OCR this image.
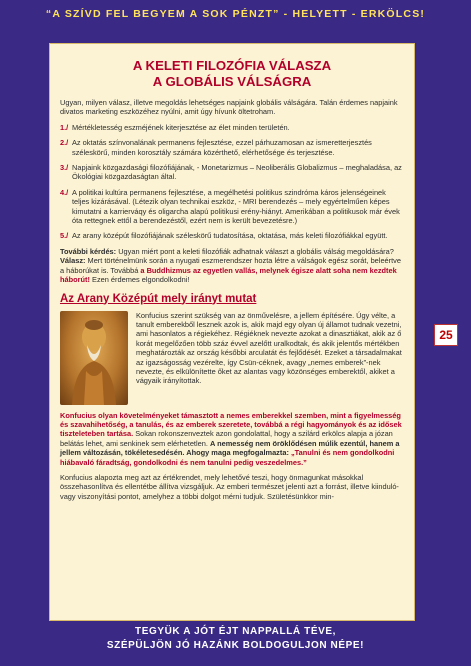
“A SZÍVD FEL BEGYEM A SOK PÉNZT” - HELYETT - ERKÖLCS!
A KELETI FILOZÓFIA VÁLASZA
A GLOBÁLIS VÁLSÁGRA

Ugyan, milyen válasz, illetve megoldás lehetséges napjaink globális válságára. Talán érdemes napjaink divatos marketing eszközéhez nyúlni, amit úgy hívunk öltetroham.

1./ Mértékletesség eszméjének kiterjesztése az élet minden területén.
2./ Az oktatás színvonalának permanens fejlesztése, ezzel párhuzamosan az ismeretterjesztés széleskörű, minden korosztály számára közérthető, elérhetősége és terjesztése.
3./ Napjaink közgazdasági filozófiájának, - Monetarizmus – Neoliberális Globalizmus – meghaladása, az Ökológiai közgazdaságtan által.
4./ A politikai kultúra permanens fejlesztése, a megélhetési politikus szindróma káros jelenségeinek teljes kizárásával. (Létezik olyan technikai eszköz, - MRI berendezés – mely egyértelműen képes kimutatni a karrierváqy és oligarcha alapú politikusi erény-hiányt. Amerikában a politikusok már évek óta rettegnek ettől a berendezéstől, ezért nem is került bevezetésre.)
5./ Az arany középút filozófiájának széleskörű tudatosítása, oktatása, más keleti filozófiákkal együtt.

További kérdés: Ugyan miért pont a keleti filozófiák adhatnak választ a globális válság megoldására?
Válasz: Mert történelmünk során a nyugati eszmerendszer hozta létre a válságok egész sorát, beleértve a háborúkat is. Továbbá a Buddhizmus az egyetlen vallás, melynek égisze alatt soha nem kezdtek háborút! Ezen érdemes elgondolkodni!

Az Arany Középút mely irányt mutat
Konfucius szerint szükség van az önművelésre, a jellem építésére. Úgy vélte, a tanult emberekből lesznek azok is, akik majd egy olyan új államot tudnak vezetni, ami hasonlatos a régiekéhez. Régiéknek nevezte azokat a dinasztiákat, akik az ő korát megelőzően több száz évvel azelőtt uralkodtak, és akik jelentős mértékben meghatározták az ország későbbi arculatát és fejlődését. Ezeket a társadalmakat az igazságosság vezérelte, így Csün-céknek, avagy „nemes emberek”-nek nevezte, és elkülönítette őket az alantas vagy közönséges emberektől, akiket a vágyaik irányítottak.

Konfucius olyan követelményeket támasztott a nemes emberekkel szemben, mint a figyelmesség és szavahihetőség, a tanulás, és az emberek szeretete, továbbá a régi hagyományok és az idősek tiszteleteben tartása. Sokan rokonszenveztek azon gondolattal, hogy a szilárd erkölcs alapja a józan belátás lehet, ami senkinek sem elérhetetlen. A nemesség nem öröklődésen múlik ezentúl, hanem a jellem változásán, tökéletesedésén. Ahogy maga megfogalmazta: „Tanulni és nem gondolkodni hiábavaló fáradtság, gondolkodni és nem tanulni pedig veszedelmes.”

Konfucius alapozta meg azt az értékrendet, mely lehetővé teszi, hogy önmagunkat másokkal összehasonlítva és ellentétbe állítva vizsgáljuk. Az emberi természet jelenti azt a forrást, illetve kiinduló- vagy viszonyítási pontot, amelyhez a többi dolgot mérni tudjuk. Születésünkkor min-

25
TEGYÜK A JÓT ÉJT NAPPALLÁ TÉVE,
SZÉPÜLJÖN JÓ HAZÁNK BOLDOGULJON NÉPE!
